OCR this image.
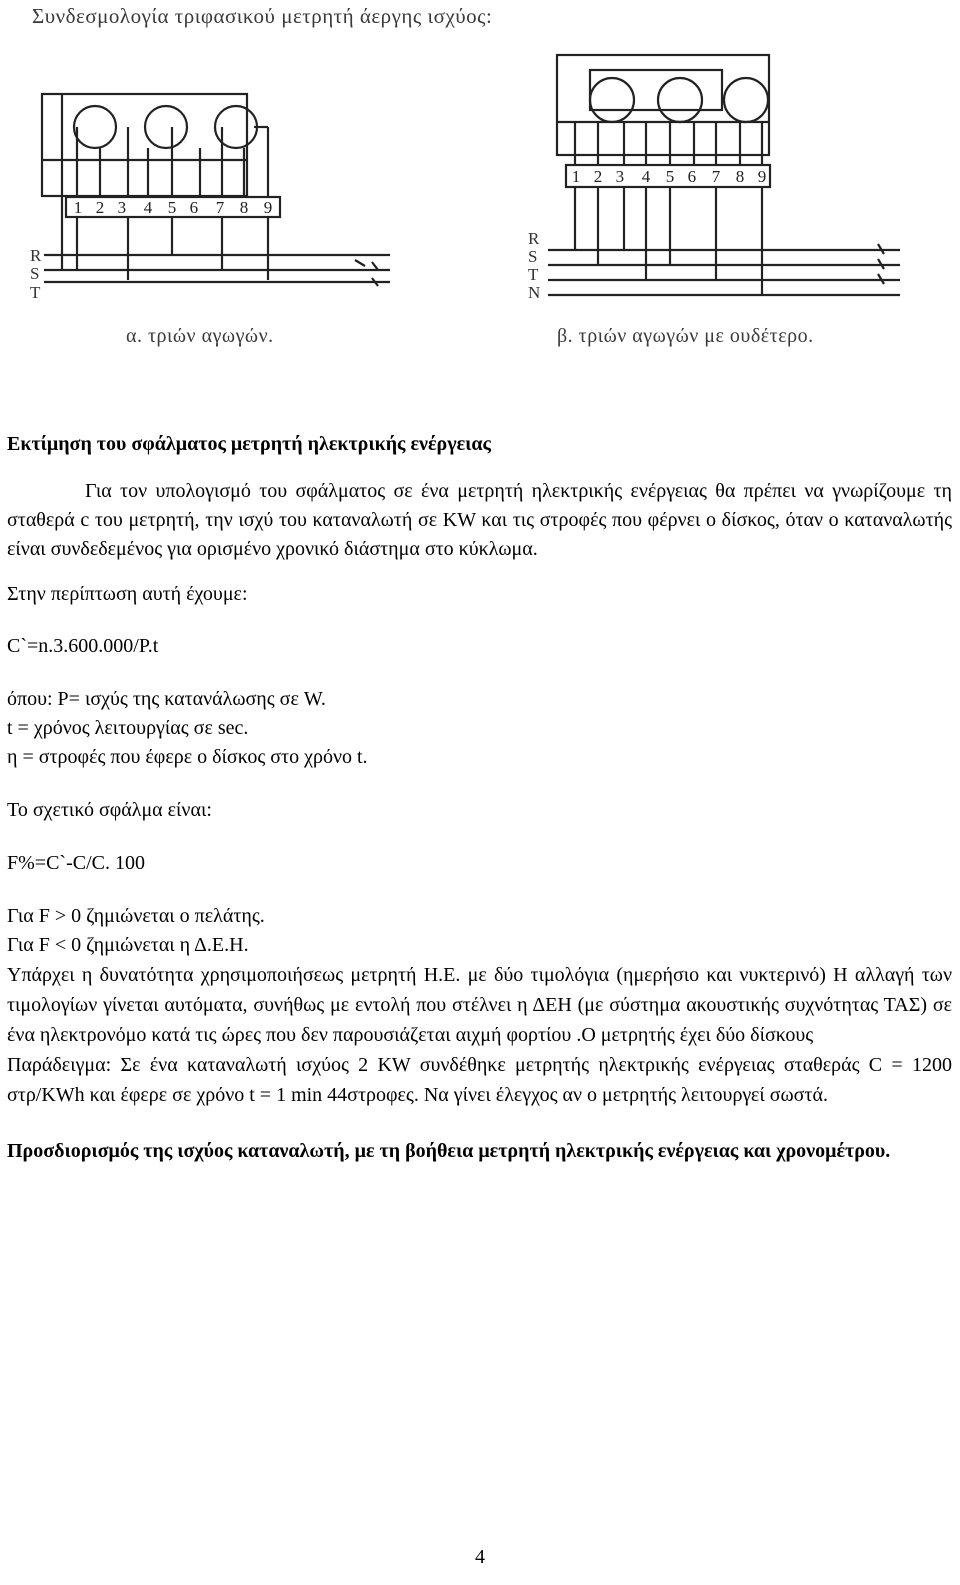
Συνδεσμολογία τριφασικού μετρητή άεργης ισχύος:
1 2 3 4 5 6 7 8 9
1 2 3 4 5 6 7 8 9
R S T
R S T N
α. τριών αγωγών.	β. τριών αγωγών με ουδέτερο.

Εκτίμηση του σφάλματος μετρητή ηλεκτρικής ενέργειας

Για τον υπολογισμό του σφάλματος σε ένα μετρητή ηλεκτρικής ενέργειας θα πρέπει να γνωρίζουμε τη σταθερά c του μετρητή, την ισχύ του καταναλωτή σε KW και τις στροφές που φέρνει ο δίσκος, όταν ο καταναλωτής είναι συνδεδεμένος για ορισμένο χρονικό διάστημα στο κύκλωμα.

Στην περίπτωση αυτή έχουμε:

C`=n.3.600.000/P.t

όπου: P= ισχύς της κατανάλωσης σε W.

t = χρόνος λειτουργίας σε sec.

η = στροφές που έφερε ο δίσκος στο χρόνο t.

Το σχετικό σφάλμα είναι:

F%=C`-C/C. 100

Για F > 0 ζημιώνεται ο πελάτης.

Για F < 0 ζημιώνεται η Δ.Ε.Η.

Υπάρχει η δυνατότητα χρησιμοποιήσεως μετρητή Η.Ε. με δύο τιμολόγια (ημερήσιο και νυκτερινό) Η αλλαγή των τιμολογίων γίνεται αυτόματα, συνήθως με εντολή που στέλνει η ΔΕΗ (με σύστημα ακουστικής συχνότητας ΤΑΣ) σε ένα ηλεκτρονόμο κατά τις ώρες που δεν παρουσιάζεται αιχμή φορτίου .Ο μετρητής έχει δύο δίσκους

Παράδειγμα: Σε ένα καταναλωτή ισχύος 2 KW συνδέθηκε μετρητής ηλεκτρικής ενέργειας σταθεράς C = 1200 στρ/KWh και έφερε σε χρόνο t = 1 min 44στροφες. Να γίνει έλεγχος αν ο μετρητής λειτουργεί σωστά.

Προσδιορισμός της ισχύος καταναλωτή, με τη βοήθεια μετρητή ηλεκτρικής ενέργειας και χρονομέτρου.

4
